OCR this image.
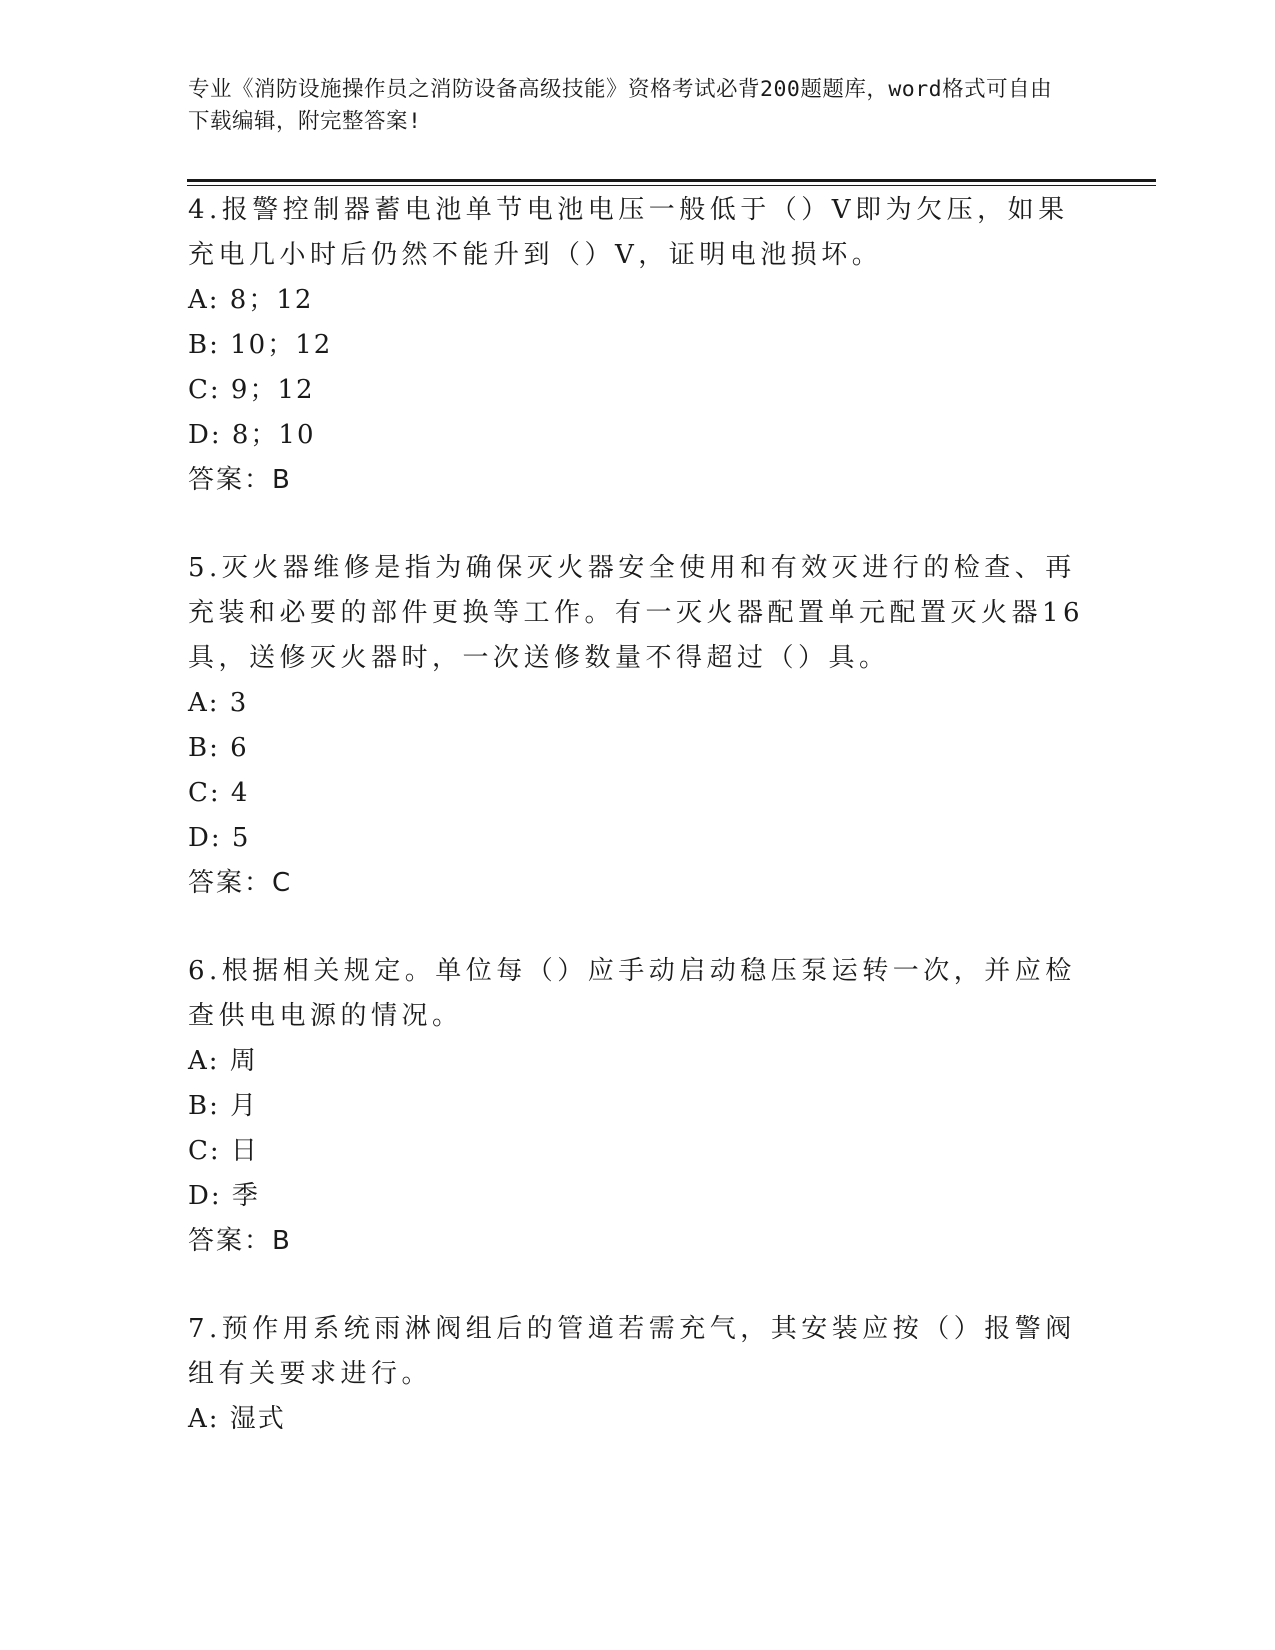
专业《消防设施操作员之消防设备高级技能》资格考试必背200题题库，word格式可自由下载编辑，附完整答案!

4.报警控制器蓄电池单节电池电压一般低于（）V即为欠压，如果充电几小时后仍然不能升到（）V，证明电池损坏。

A: 8；12

B: 10；12

C: 9；12

D: 8；10

答案：B

5.灭火器维修是指为确保灭火器安全使用和有效灭进行的检查、再充装和必要的部件更换等工作。有一灭火器配置单元配置灭火器16具，送修灭火器时，一次送修数量不得超过（）具。

A: 3

B: 6

C: 4

D: 5

答案：C

6.根据相关规定。单位每（）应手动启动稳压泵运转一次，并应检查供电电源的情况。

A: 周

B: 月

C: 日

D: 季

答案：B

7.预作用系统雨淋阀组后的管道若需充气，其安装应按（）报警阀组有关要求进行。

A: 湿式
